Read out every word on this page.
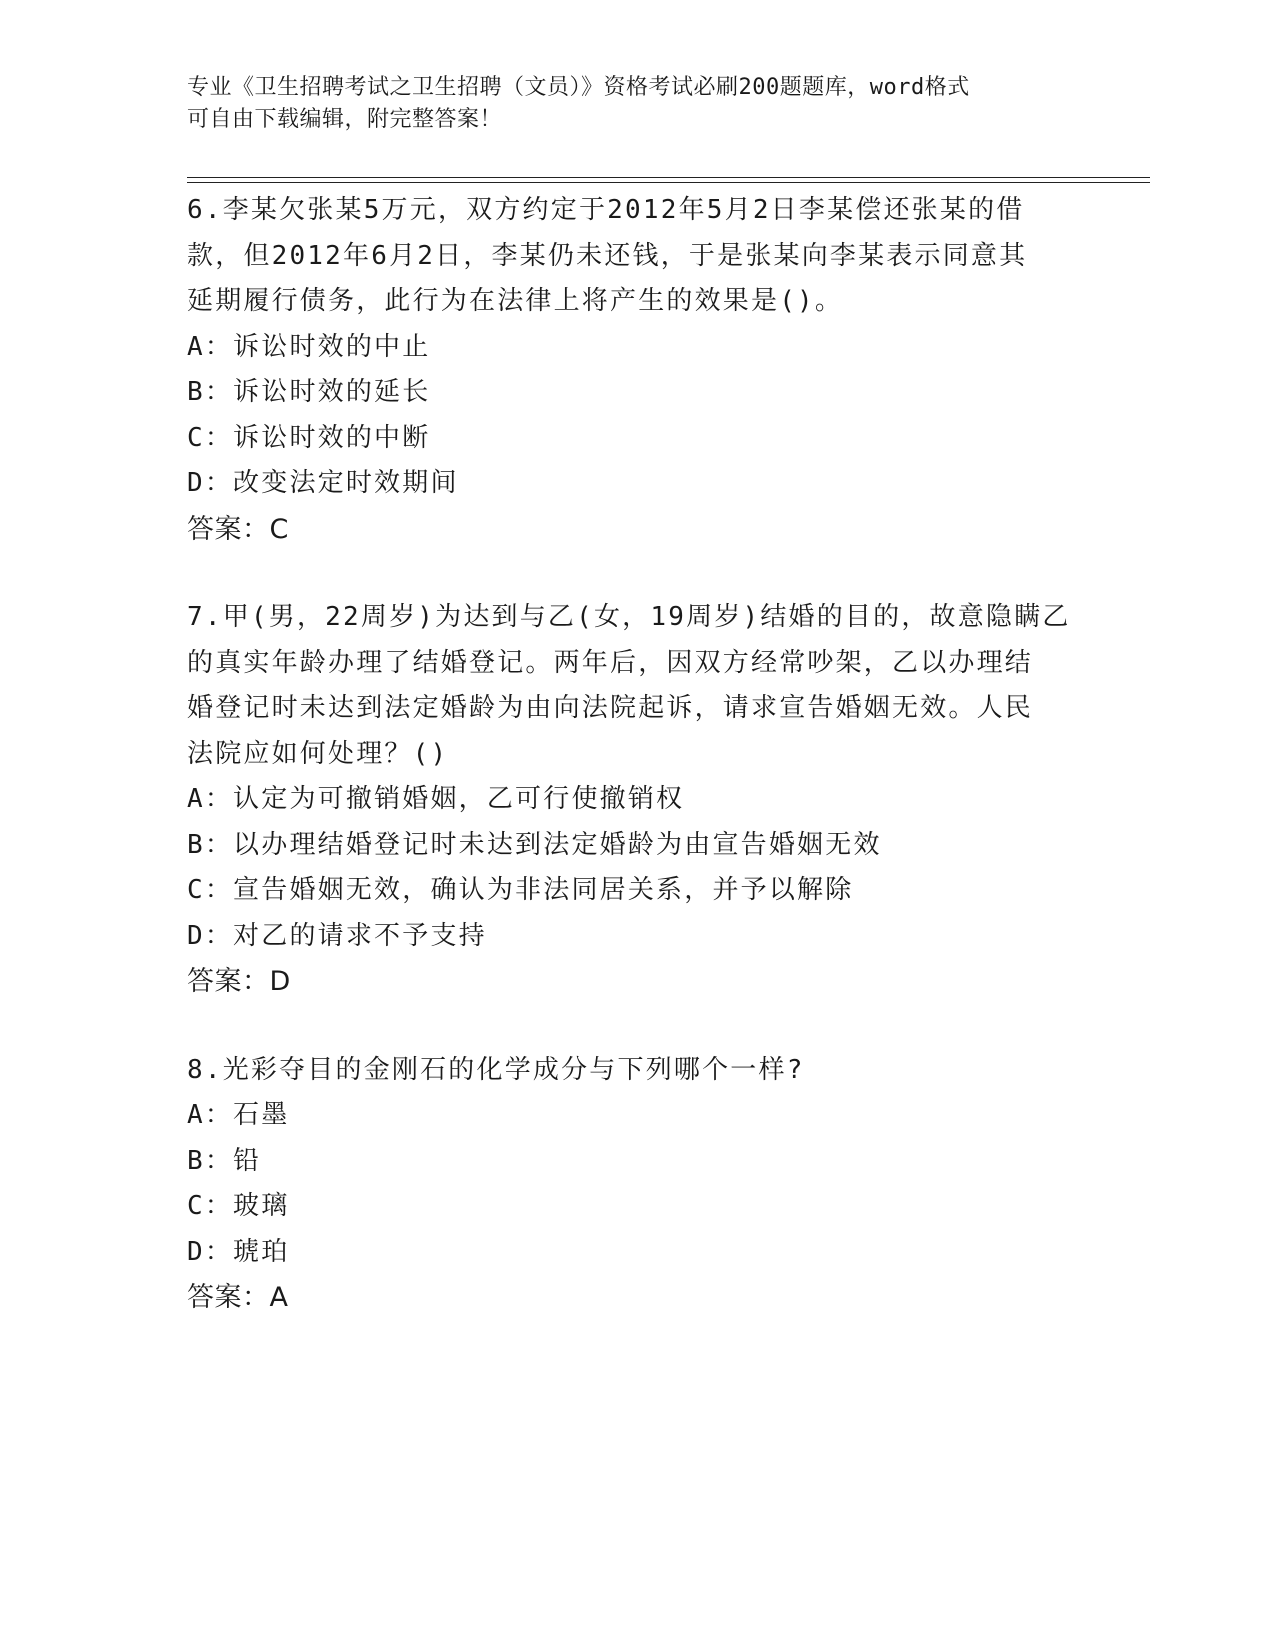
专业《卫生招聘考试之卫生招聘（文员）》资格考试必刷200题题库，word格式
可自由下载编辑，附完整答案！
6.李某欠张某5万元，双方约定于2012年5月2日李某偿还张某的借
款，但2012年6月2日，李某仍未还钱，于是张某向李某表示同意其
延期履行债务，此行为在法律上将产生的效果是()。
A：诉讼时效的中止
B：诉讼时效的延长
C：诉讼时效的中断
D：改变法定时效期间
答案：C
7.甲(男，22周岁)为达到与乙(女，19周岁)结婚的目的，故意隐瞒乙
的真实年龄办理了结婚登记。两年后，因双方经常吵架，乙以办理结
婚登记时未达到法定婚龄为由向法院起诉，请求宣告婚姻无效。人民
法院应如何处理？()
A：认定为可撤销婚姻，乙可行使撤销权
B：以办理结婚登记时未达到法定婚龄为由宣告婚姻无效
C：宣告婚姻无效，确认为非法同居关系，并予以解除
D：对乙的请求不予支持
答案：D
8.光彩夺目的金刚石的化学成分与下列哪个一样?
A：石墨
B：铅
C：玻璃
D：琥珀
答案：A
